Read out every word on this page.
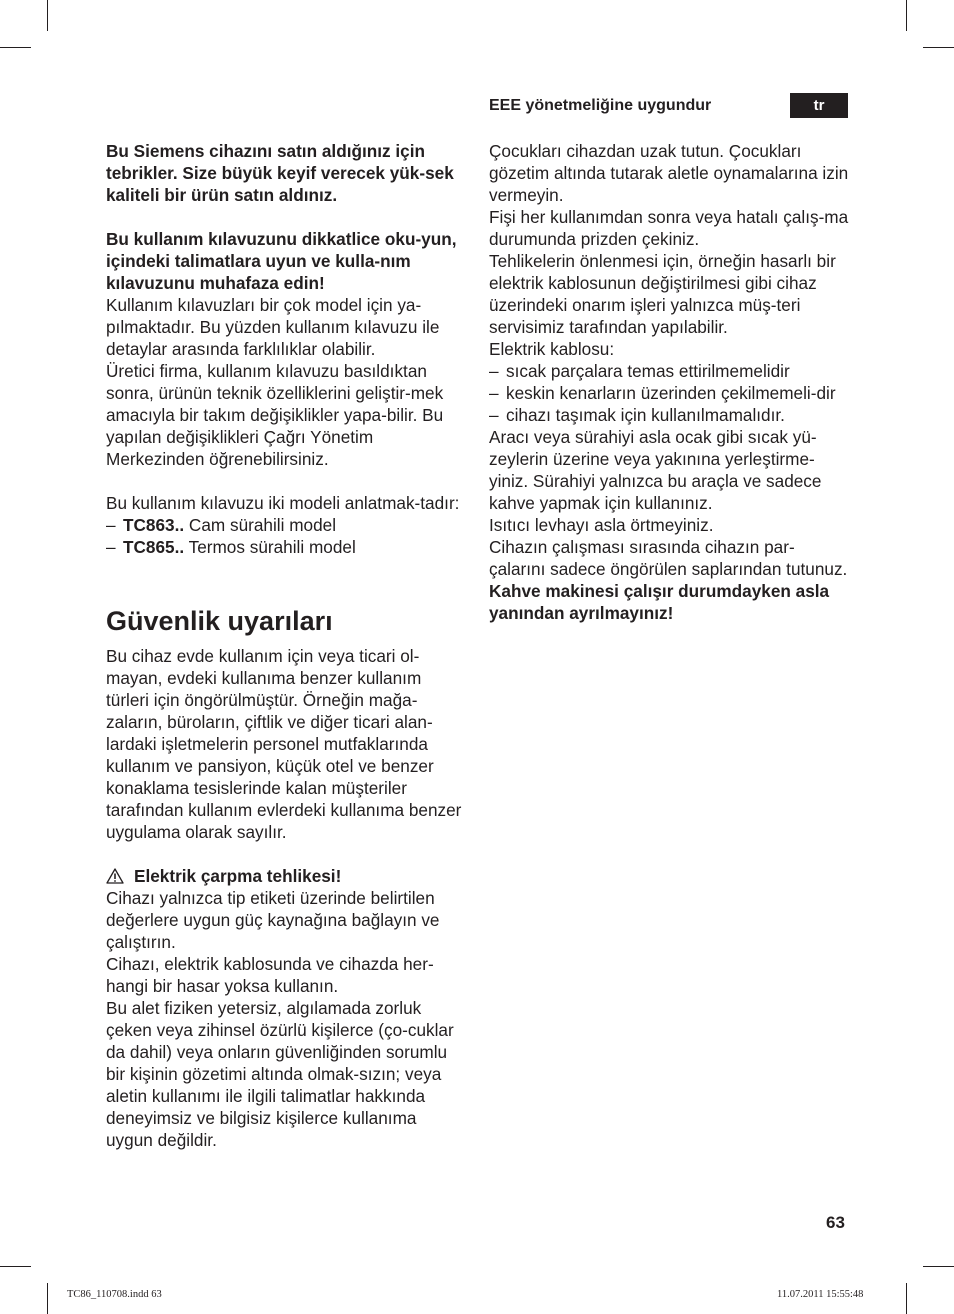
EEE yönetmeliğine uygundur	tr

Bu Siemens cihazını satın aldığınız için tebrikler. Size büyük keyif verecek yük-sek kaliteli bir ürün satın aldınız.

Bu kullanım kılavuzunu dikkatlice oku-yun, içindeki talimatlara uyun ve kulla-nım kılavuzunu muhafaza edin!

Kullanım kılavuzları bir çok model için ya-pılmaktadır. Bu yüzden kullanım kılavuzu ile detaylar arasında farklılıklar olabilir.

Üretici firma, kullanım kılavuzu basıldıktan sonra, ürünün teknik özelliklerini geliştir-mek amacıyla bir takım değişiklikler yapa-bilir. Bu yapılan değişiklikleri Çağrı Yönetim Merkezinden öğrenebilirsiniz.

Bu kullanım kılavuzu iki modeli anlatmak-tadır:

– TC863.. Cam sürahili model

– TC865.. Termos sürahili model

Güvenlik uyarıları

Bu cihaz evde kullanım için veya ticari ol-mayan, evdeki kullanıma benzer kullanım türleri için öngörülmüştür. Örneğin mağa-zaların, büroların, çiftlik ve diğer ticari alan-lardaki işletmelerin personel mutfaklarında kullanım ve pansiyon, küçük otel ve benzer konaklama tesislerinde kalan müşteriler tarafından kullanım evlerdeki kullanıma benzer uygulama olarak sayılır.

Elektrik çarpma tehlikesi!

Cihazı yalnızca tip etiketi üzerinde belirtilen değerlere uygun güç kaynağına bağlayın ve çalıştırın.

Cihazı, elektrik kablosunda ve cihazda her-hangi bir hasar yoksa kullanın.

Bu alet fiziken yetersiz, algılamada zorluk çeken veya zihinsel özürlü kişilerce (ço-cuklar da dahil) veya onların güvenliğinden sorumlu bir kişinin gözetimi altında olmak-sızın; veya aletin kullanımı ile ilgili talimatlar hakkında deneyimsiz ve bilgisiz kişilerce kullanıma uygun değildir.

Çocukları cihazdan uzak tutun. Çocukları gözetim altında tutarak aletle oynamalarına izin vermeyin.

Fişi her kullanımdan sonra veya hatalı çalış-ma durumunda prizden çekiniz.

Tehlikelerin önlenmesi için, örneğin hasarlı bir elektrik kablosunun değiştirilmesi gibi cihaz üzerindeki onarım işleri yalnızca müş-teri servisimiz tarafından yapılabilir.

Elektrik kablosu:

– sıcak parçalara temas ettirilmemelidir

– keskin kenarların üzerinden çekilmemeli-dir

– cihazı taşımak için kullanılmamalıdır.

Aracı veya sürahiyi asla ocak gibi sıcak yü-zeylerin üzerine veya yakınına yerleştirme-yiniz. Sürahiyi yalnızca bu araçla ve sadece kahve yapmak için kullanınız.

Isıtıcı levhayı asla örtmeyiniz.

Cihazın çalışması sırasında cihazın par-çalarını sadece öngörülen saplarından tutunuz.

Kahve makinesi çalışır durumdayken asla yanından ayrılmayınız!

63
TC86_110708.indd 63	11.07.2011 15:55:48
